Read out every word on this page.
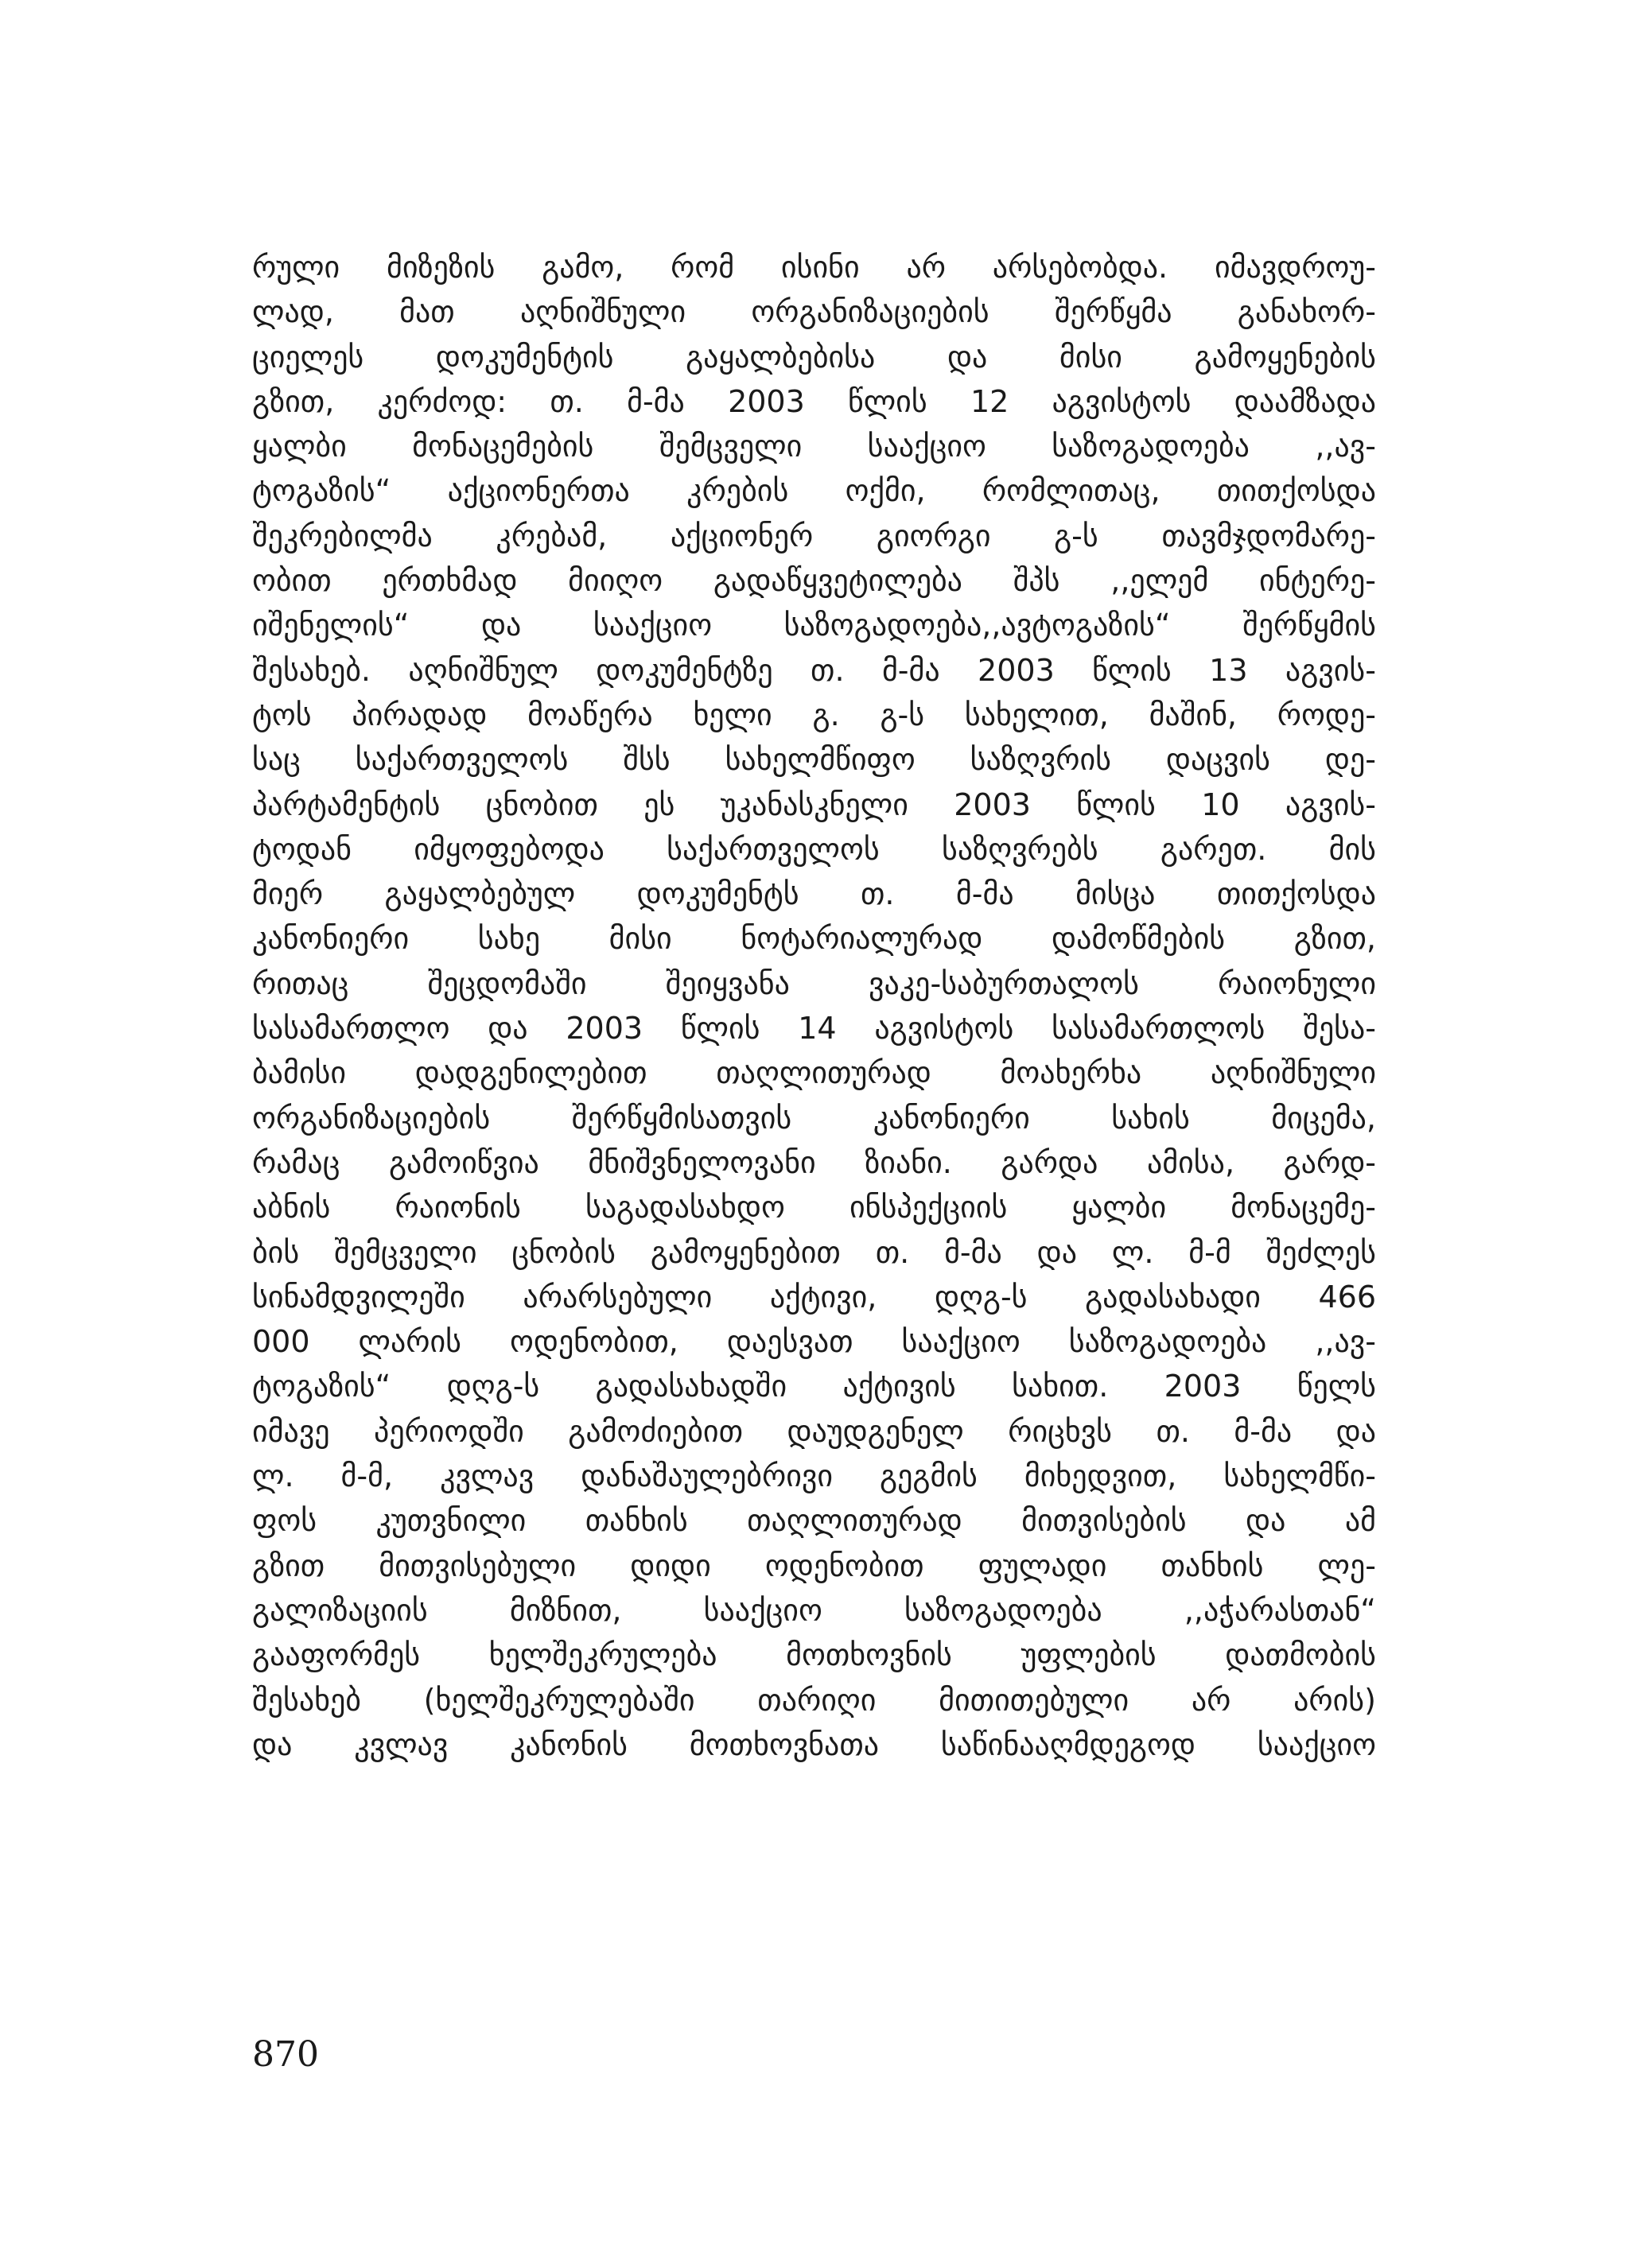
რული მიზეზის გამო, რომ ისინი არ არსებობდა. იმავდროუ-
ლად, მათ აღნიშნული ორგანიზაციების შერწყმა განახორ-
ციელეს დოკუმენტის გაყალბებისა და მისი გამოყენების
გზით, კერძოდ: თ. მ-მა 2003 წლის 12 აგვისტოს დაამზადა
ყალბი მონაცემების შემცველი სააქციო საზოგადოება ,,ავ-
ტოგაზის“ აქციონერთა კრების ოქმი, რომლითაც, თითქოსდა
შეკრებილმა კრებამ, აქციონერ გიორგი გ-ს თავმჯდომარე-
ობით ერთხმად მიიღო გადაწყვეტილება შპს ,,ელემ ინტერე-
იშენელის“ და სააქციო საზოგადოება,,ავტოგაზის“ შერწყმის
შესახებ. აღნიშნულ დოკუმენტზე თ. მ-მა 2003 წლის 13 აგვის-
ტოს პირადად მოაწერა ხელი გ. გ-ს სახელით, მაშინ, როდე-
საც საქართველოს შსს სახელმწიფო საზღვრის დაცვის დე-
პარტამენტის ცნობით ეს უკანასკნელი 2003 წლის 10 აგვის-
ტოდან იმყოფებოდა საქართველოს საზღვრებს გარეთ. მის
მიერ გაყალბებულ დოკუმენტს თ. მ-მა მისცა თითქოსდა
კანონიერი სახე მისი ნოტარიალურად დამოწმების გზით,
რითაც შეცდომაში შეიყვანა ვაკე-საბურთალოს რაიონული
სასამართლო და 2003 წლის 14 აგვისტოს სასამართლოს შესა-
ბამისი დადგენილებით თაღლითურად მოახერხა აღნიშნული
ორგანიზაციების შერწყმისათვის კანონიერი სახის მიცემა,
რამაც გამოიწვია მნიშვნელოვანი ზიანი. გარდა ამისა, გარდ-
აბნის რაიონის საგადასახდო ინსპექციის ყალბი მონაცემე-
ბის შემცველი ცნობის გამოყენებით თ. მ-მა და ლ. მ-მ შეძლეს
სინამდვილეში არარსებული აქტივი, დღგ-ს გადასახადი 466
000 ლარის ოდენობით, დაესვათ სააქციო საზოგადოება ,,ავ-
ტოგაზის“ დღგ-ს გადასახადში აქტივის სახით. 2003 წელს
იმავე პერიოდში გამოძიებით დაუდგენელ რიცხვს თ. მ-მა და
ლ. მ-მ, კვლავ დანაშაულებრივი გეგმის მიხედვით, სახელმწი-
ფოს კუთვნილი თანხის თაღლითურად მითვისების და ამ
გზით მითვისებული დიდი ოდენობით ფულადი თანხის ლე-
გალიზაციის მიზნით, სააქციო საზოგადოება ,,აჭარასთან“
გააფორმეს ხელშეკრულება მოთხოვნის უფლების დათმობის
შესახებ (ხელშეკრულებაში თარიღი მითითებული არ არის)
და კვლავ კანონის მოთხოვნათა საწინააღმდეგოდ სააქციო
870
